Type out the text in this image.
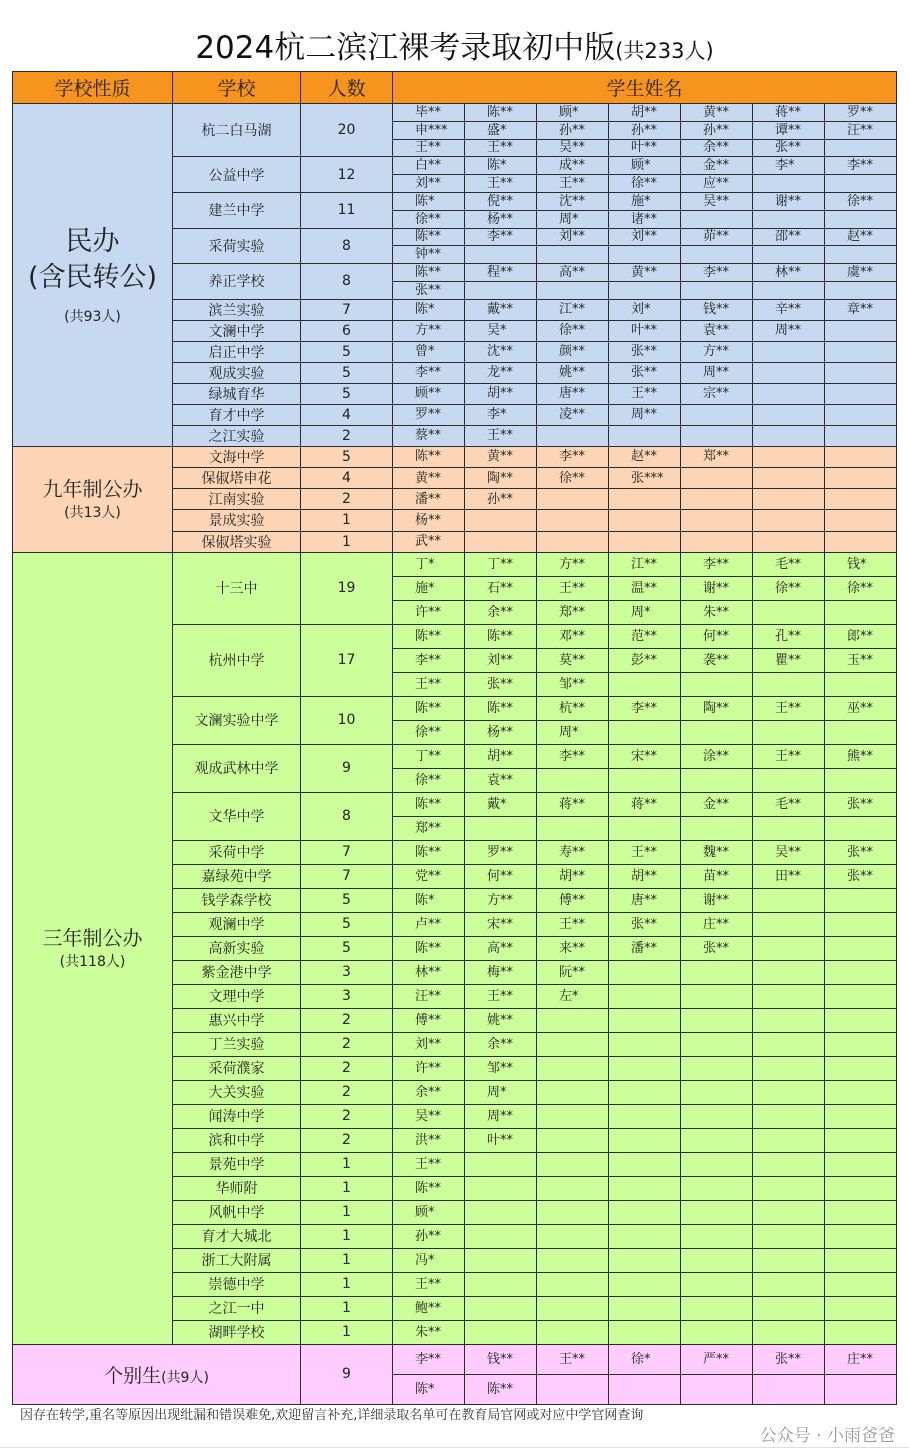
2024杭二滨江裸考录取初中版(共233人)
学校性质	学校	人数	学生姓名						

民办
(含民转公)
(共93人)	杭二白马湖	20	毕**	陈**	顾*	胡**	黄**	蒋**	罗**
			申***	盛*	孙**	孙**	孙**	谭**	汪**
			王**	王**	吴**	叶**	余**	张**	
	公益中学	12	白**	陈*	成**	顾*	金**	李*	李**
			刘**	王**	王**	徐**	应**		
	建兰中学	11	陈*	倪**	沈**	施*	吴**	谢**	徐**
			徐**	杨**	周*	诸**			
	采荷实验	8	陈**	李**	刘**	刘**	茆**	邵**	赵**
			钟**						
	养正学校	8	陈**	程**	高**	黄**	李**	林**	虞**
			张**						
	滨兰实验	7	陈*	戴**	江**	刘*	钱**	辛**	章**
	文澜中学	6	方**	吴*	徐**	叶**	袁**	周**	
	启正中学	5	曾*	沈**	颜**	张**	方**		
	观成实验	5	李**	龙**	姚**	张**	周**		
	绿城育华	5	顾**	胡**	唐**	王**	宗**		
	育才中学	4	罗**	李*	凌**	周**			
	之江实验	2	蔡**	王**					

九年制公办
(共13人)	文海中学	5	陈**	黄**	李**	赵**	郑**		
	保俶塔申花	4	黄**	陶**	徐**	张***			
	江南实验	2	潘**	孙**					
	景成实验	1	杨**						
	保俶塔实验	1	武**						

三年制公办
(共118人)	十三中	19	丁*	丁**	方**	江**	李**	毛**	钱*
			施*	石**	王**	温**	谢**	徐**	徐**
			许**	余**	郑**	周*	朱**		
	杭州中学	17	陈**	陈**	邓**	范**	何**	孔**	郎**
			李**	刘**	莫**	彭**	袭**	瞿**	玉**
			王**	张**	邹**				
	文澜实验中学	10	陈**	陈**	杭**	李**	陶**	王**	巫**
			徐**	杨**	周*				
	观成武林中学	9	丁**	胡**	李**	宋**	涂**	王**	熊**
			徐**	袁**					
	文华中学	8	陈**	戴*	蒋**	蒋**	金**	毛**	张**
			郑**						
	采荷中学	7	陈**	罗**	寿**	王**	魏**	吴**	张**
	嘉绿苑中学	7	党**	何**	胡**	胡**	苗**	田**	张**
	钱学森学校	5	陈*	方**	傅**	唐**	谢**		
	观澜中学	5	卢**	宋**	王**	张**	庄**		
	高新实验	5	陈**	高**	来**	潘**	张**		
	紫金港中学	3	林**	梅**	阮**				
	文理中学	3	汪**	王**	左*				
	惠兴中学	2	傅**	姚**					
	丁兰实验	2	刘**	余**					
	采荷濮家	2	许**	邹**					
	大关实验	2	余**	周*					
	闻涛中学	2	吴**	周**					
	滨和中学	2	洪**	叶**					
	景苑中学	1	王**						
	华师附	1	陈**						
	风帆中学	1	顾*						
	育才大城北	1	孙**						
	浙工大附属	1	冯*						
	崇德中学	1	王**						
	之江一中	1	鲍**						
	湖畔学校	1	朱**						
个别生(共9人)		9	李**	钱**	王**	徐*	严**	张**	庄**
			陈*	陈**					
因存在转学,重名等原因出现纰漏和错误难免,欢迎留言补充,详细录取名单可在教育局官网或对应中学官网查询
公众号 · 小雨爸爸
